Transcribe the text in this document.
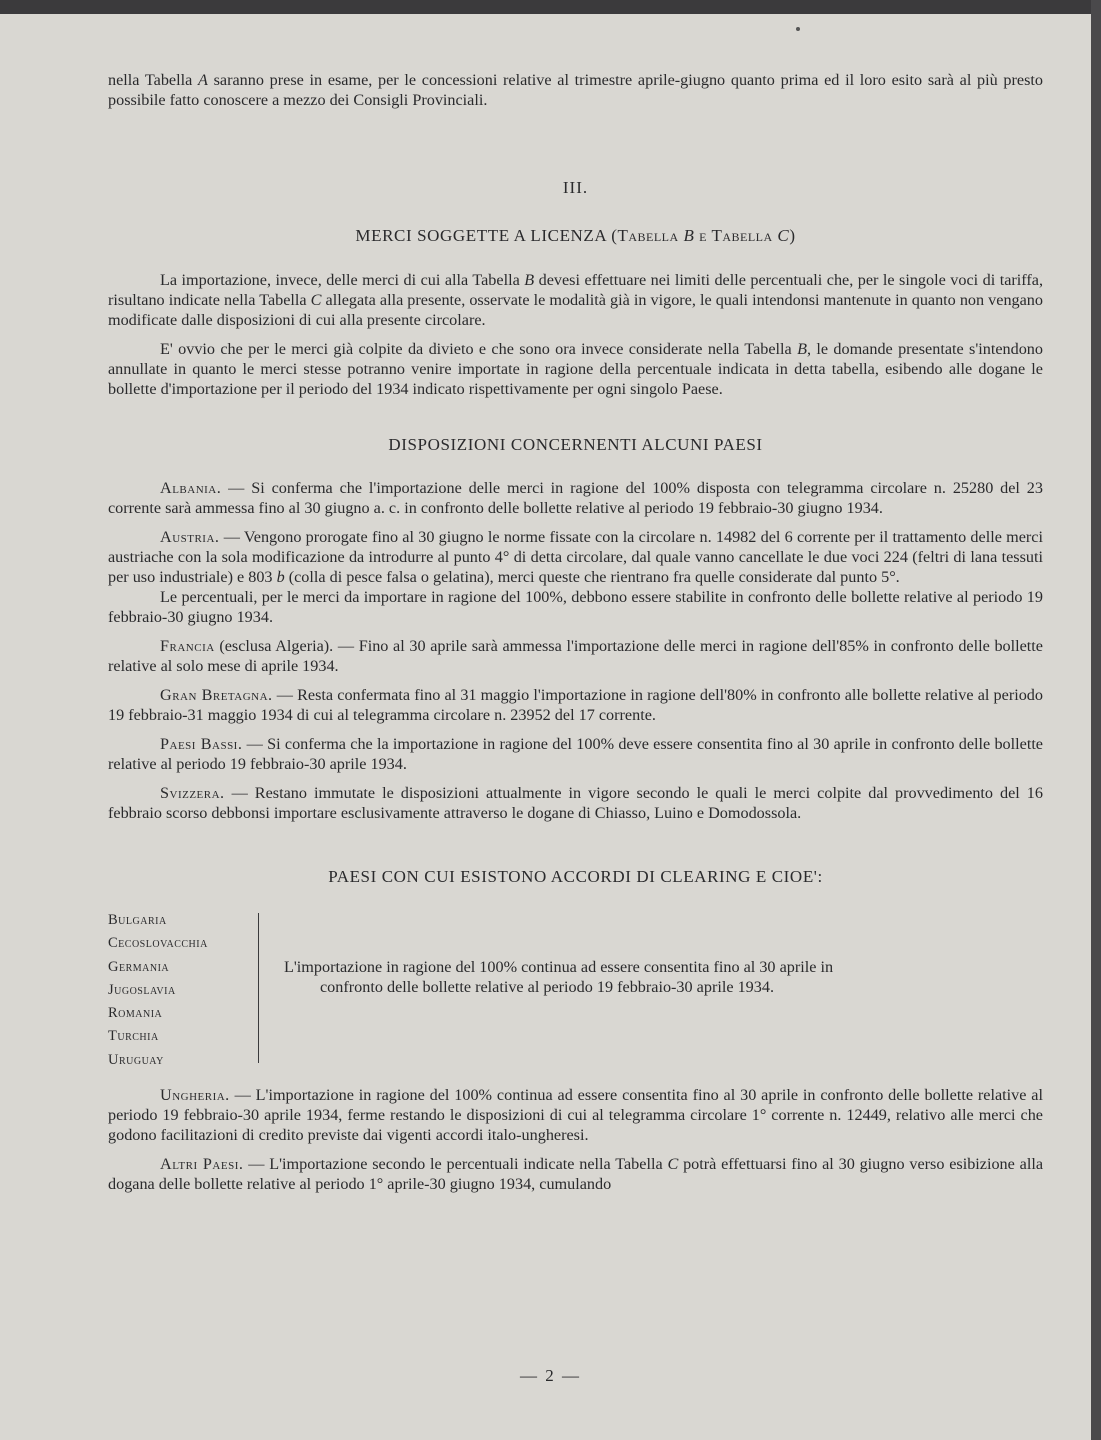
nella Tabella A saranno prese in esame, per le concessioni relative al trimestre aprile-giugno quanto prima ed il loro esito sarà al più presto possibile fatto conoscere a mezzo dei Consigli Provinciali.

III.

MERCI SOGGETTE A LICENZA (Tabella B e Tabella C)

La importazione, invece, delle merci di cui alla Tabella B devesi effettuare nei limiti delle percentuali che, per le singole voci di tariffa, risultano indicate nella Tabella C allegata alla presente, osservate le modalità già in vigore, le quali intendonsi mantenute in quanto non vengano modificate dalle disposizioni di cui alla presente circolare.

E' ovvio che per le merci già colpite da divieto e che sono ora invece considerate nella Tabella B, le domande presentate s'intendono annullate in quanto le merci stesse potranno venire importate in ragione della percentuale indicata in detta tabella, esibendo alle dogane le bollette d'importazione per il periodo del 1934 indicato rispettivamente per ogni singolo Paese.

DISPOSIZIONI CONCERNENTI ALCUNI PAESI

Albania. — Si conferma che l'importazione delle merci in ragione del 100% disposta con telegramma circolare n. 25280 del 23 corrente sarà ammessa fino al 30 giugno a. c. in confronto delle bollette relative al periodo 19 febbraio-30 giugno 1934.

Austria. — Vengono prorogate fino al 30 giugno le norme fissate con la circolare n. 14982 del 6 corrente per il trattamento delle merci austriache con la sola modificazione da introdurre al punto 4° di detta circolare, dal quale vanno cancellate le due voci 224 (feltri di lana tessuti per uso industriale) e 803 b (colla di pesce falsa o gelatina), merci queste che rientrano fra quelle considerate dal punto 5°.

Le percentuali, per le merci da importare in ragione del 100%, debbono essere stabilite in confronto delle bollette relative al periodo 19 febbraio-30 giugno 1934.

Francia (esclusa Algeria). — Fino al 30 aprile sarà ammessa l'importazione delle merci in ragione dell'85% in confronto delle bollette relative al solo mese di aprile 1934.

Gran Bretagna. — Resta confermata fino al 31 maggio l'importazione in ragione dell'80% in confronto alle bollette relative al periodo 19 febbraio-31 maggio 1934 di cui al telegramma circolare n. 23952 del 17 corrente.

Paesi Bassi. — Si conferma che la importazione in ragione del 100% deve essere consentita fino al 30 aprile in confronto delle bollette relative al periodo 19 febbraio-30 aprile 1934.

Svizzera. — Restano immutate le disposizioni attualmente in vigore secondo le quali le merci colpite dal provvedimento del 16 febbraio scorso debbonsi importare esclusivamente attraverso le dogane di Chiasso, Luino e Domodossola.

PAESI CON CUI ESISTONO ACCORDI DI CLEARING E CIOE':

Bulgaria
Cecoslovacchia
Germania
Jugoslavia
Romania
Turchia
Uruguay

L'importazione in ragione del 100% continua ad essere consentita fino al 30 aprile in
confronto delle bollette relative al periodo 19 febbraio-30 aprile 1934.

Ungheria. — L'importazione in ragione del 100% continua ad essere consentita fino al 30 aprile in confronto delle bollette relative al periodo 19 febbraio-30 aprile 1934, ferme restando le disposizioni di cui al telegramma circolare 1° corrente n. 12449, relativo alle merci che godono facilitazioni di credito previste dai vigenti accordi italo-ungheresi.

Altri Paesi. — L'importazione secondo le percentuali indicate nella Tabella C potrà effettuarsi fino al 30 giugno verso esibizione alla dogana delle bollette relative al periodo 1° aprile-30 giugno 1934, cumulando

— 2 —
